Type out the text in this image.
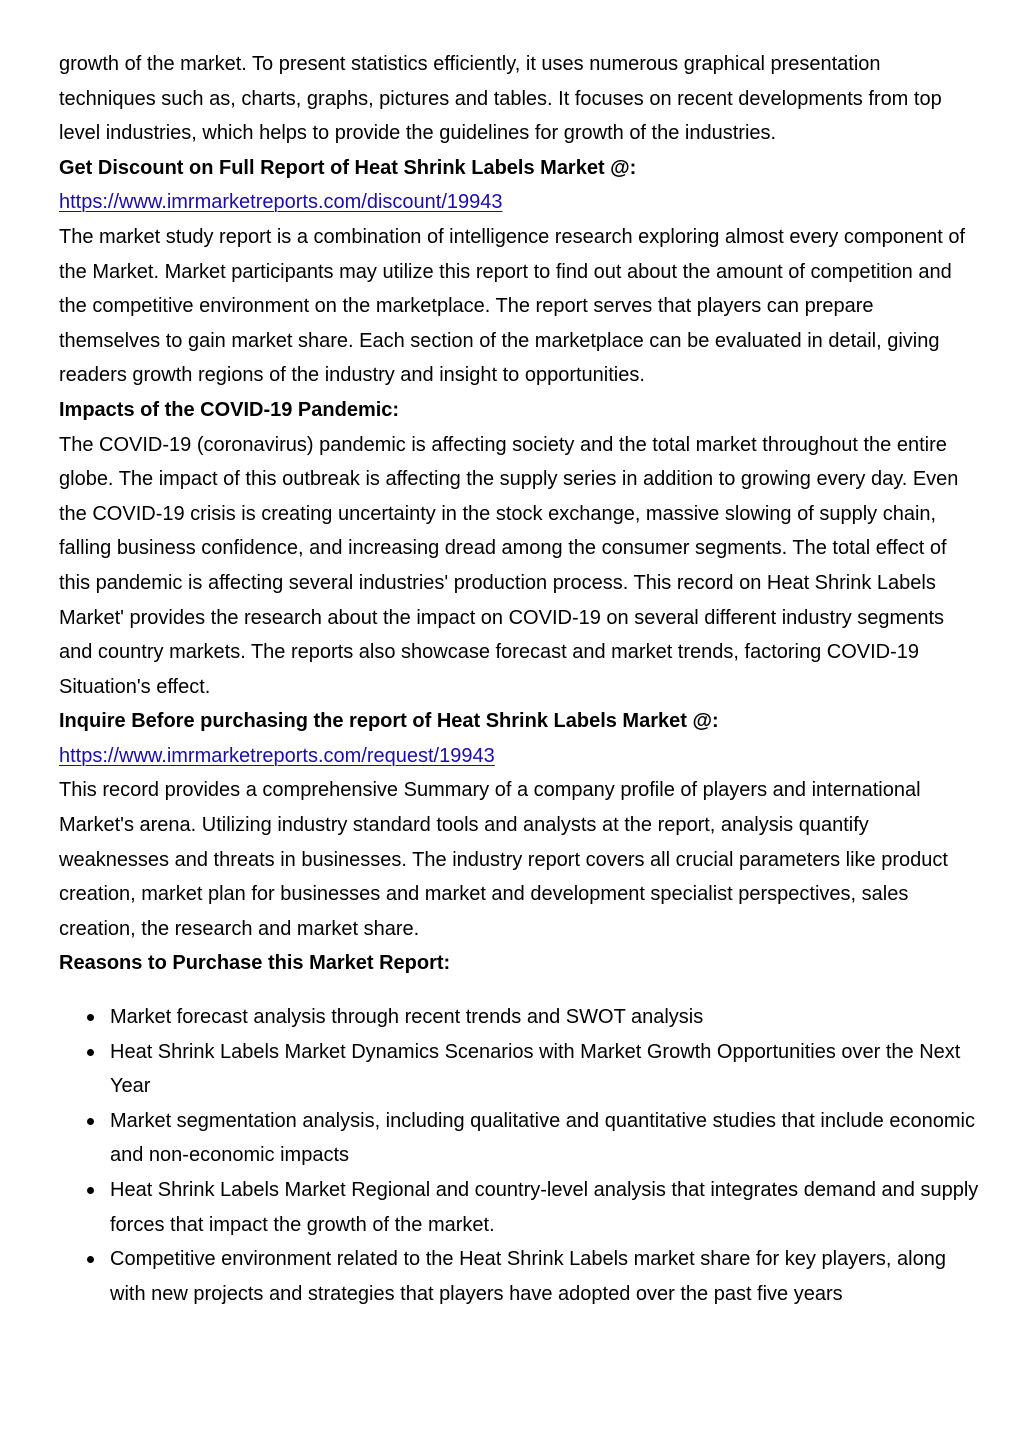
growth of the market. To present statistics efficiently, it uses numerous graphical presentation techniques such as, charts, graphs, pictures and tables. It focuses on recent developments from top level industries, which helps to provide the guidelines for growth of the industries.

Get Discount on Full Report of Heat Shrink Labels Market @:

https://www.imrmarketreports.com/discount/19943

The market study report is a combination of intelligence research exploring almost every component of the Market. Market participants may utilize this report to find out about the amount of competition and the competitive environment on the marketplace. The report serves that players can prepare themselves to gain market share. Each section of the marketplace can be evaluated in detail, giving readers growth regions of the industry and insight to opportunities.

Impacts of the COVID-19 Pandemic:

The COVID-19 (coronavirus) pandemic is affecting society and the total market throughout the entire globe. The impact of this outbreak is affecting the supply series in addition to growing every day. Even the COVID-19 crisis is creating uncertainty in the stock exchange, massive slowing of supply chain, falling business confidence, and increasing dread among the consumer segments. The total effect of this pandemic is affecting several industries' production process. This record on Heat Shrink Labels Market' provides the research about the impact on COVID-19 on several different industry segments and country markets. The reports also showcase forecast and market trends, factoring COVID-19 Situation's effect.

Inquire Before purchasing the report of Heat Shrink Labels Market @:

https://www.imrmarketreports.com/request/19943

This record provides a comprehensive Summary of a company profile of players and international Market's arena. Utilizing industry standard tools and analysts at the report, analysis quantify weaknesses and threats in businesses. The industry report covers all crucial parameters like product creation, market plan for businesses and market and development specialist perspectives, sales creation, the research and market share.

Reasons to Purchase this Market Report:

Market forecast analysis through recent trends and SWOT analysis
Heat Shrink Labels Market Dynamics Scenarios with Market Growth Opportunities over the Next Year
Market segmentation analysis, including qualitative and quantitative studies that include economic and non-economic impacts
Heat Shrink Labels Market Regional and country-level analysis that integrates demand and supply forces that impact the growth of the market.
Competitive environment related to the Heat Shrink Labels market share for key players, along with new projects and strategies that players have adopted over the past five years
